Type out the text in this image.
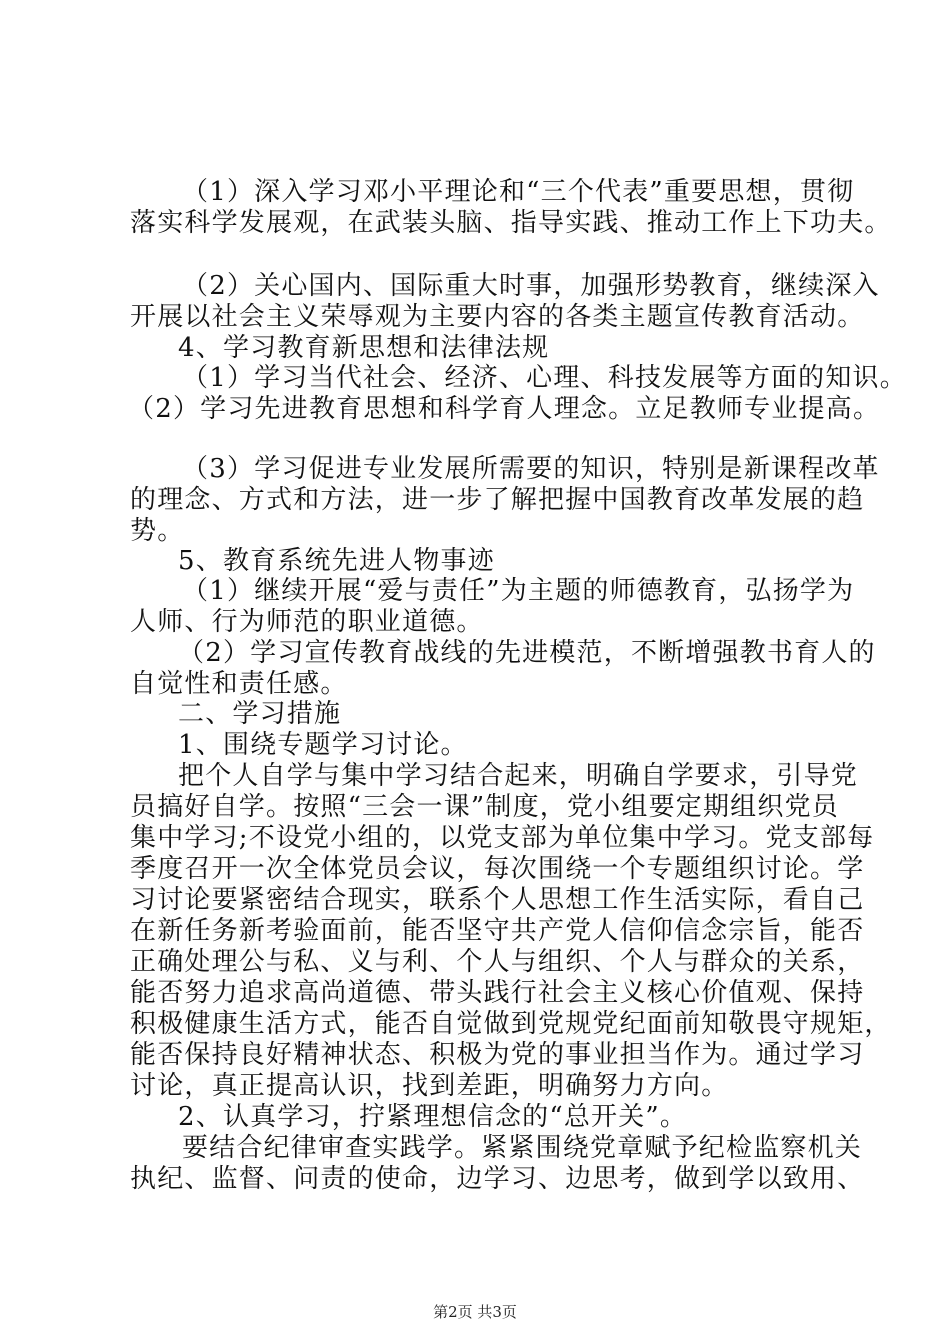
（1）深入学习邓小平理论和“三个代表”重要思想，贯彻
落实科学发展观，在武装头脑、指导实践、推动工作上下功夫。
（2）关心国内、国际重大时事，加强形势教育，继续深入
开展以社会主义荣辱观为主要内容的各类主题宣传教育活动。
4、学习教育新思想和法律法规
（1）学习当代社会、经济、心理、科技发展等方面的知识。
（2）学习先进教育思想和科学育人理念。立足教师专业提高。
（3）学习促进专业发展所需要的知识，特别是新课程改革
的理念、方式和方法，进一步了解把握中国教育改革发展的趋
势。
5、教育系统先进人物事迹
（1）继续开展“爱与责任”为主题的师德教育，弘扬学为
人师、行为师范的职业道德。
（2）学习宣传教育战线的先进模范，不断增强教书育人的
自觉性和责任感。
二、学习措施
1、围绕专题学习讨论。
把个人自学与集中学习结合起来，明确自学要求，引导党
员搞好自学。按照“三会一课”制度，党小组要定期组织党员
集中学习;不设党小组的，以党支部为单位集中学习。党支部每
季度召开一次全体党员会议，每次围绕一个专题组织讨论。学
习讨论要紧密结合现实，联系个人思想工作生活实际，看自己
在新任务新考验面前，能否坚守共产党人信仰信念宗旨，能否
正确处理公与私、义与利、个人与组织、个人与群众的关系，
能否努力追求高尚道德、带头践行社会主义核心价值观、保持
积极健康生活方式，能否自觉做到党规党纪面前知敬畏守规矩，
能否保持良好精神状态、积极为党的事业担当作为。通过学习
讨论，真正提高认识，找到差距，明确努力方向。
2、认真学习，拧紧理想信念的“总开关”。
要结合纪律审查实践学。紧紧围绕党章赋予纪检监察机关
执纪、监督、问责的使命，边学习、边思考，做到学以致用、
第2页 共3页
